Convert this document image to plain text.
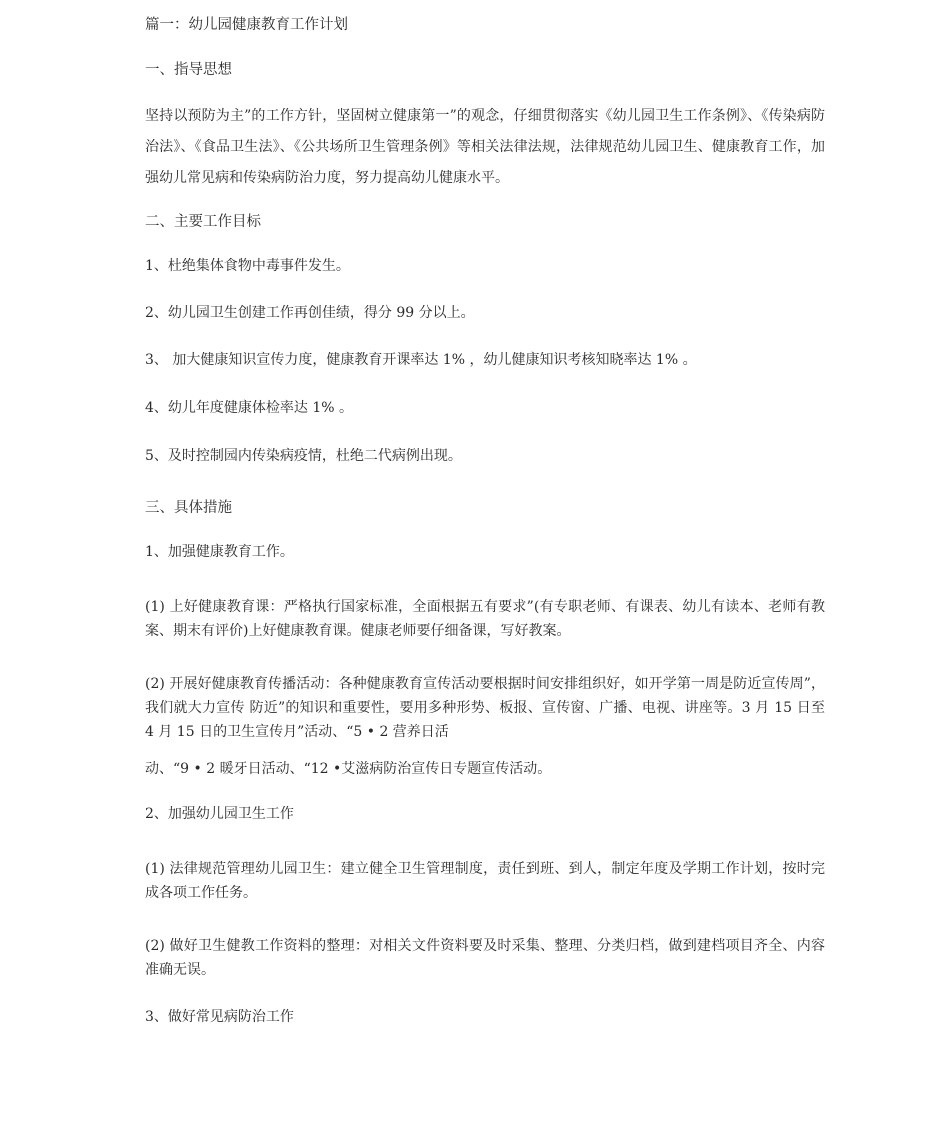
篇一：幼儿园健康教育工作计划

一、指导思想

坚持以预防为主”的工作方针，坚固树立健康第一”的观念，仔细贯彻落实《幼儿园卫生工作条例》、《传染病防治法》、《食品卫生法》、《公共场所卫生管理条例》等相关法律法规，法律规范幼儿园卫生、健康教育工作，加强幼儿常见病和传染病防治力度，努力提高幼儿健康水平。

二、主要工作目标

1、杜绝集体食物中毒事件发生。

2、幼儿园卫生创建工作再创佳绩，得分 99 分以上。

3、 加大健康知识宣传力度，健康教育开课率达 1% ，幼儿健康知识考核知晓率达 1% 。

4、幼儿年度健康体检率达 1% 。

5、及时控制园内传染病疫情，杜绝二代病例出现。

三、具体措施

1、加强健康教育工作。

(1) 上好健康教育课：严格执行国家标准，全面根据五有要求”(有专职老师、有课表、幼儿有读本、老师有教案、期末有评价)上好健康教育课。健康老师要仔细备课，写好教案。

(2) 开展好健康教育传播活动：各种健康教育宣传活动要根据时间安排组织好，如开学第一周是防近宣传周”，我们就大力宣传 防近”的知识和重要性，要用多种形势、板报、宣传窗、广播、电视、讲座等。3 月 15 日至 4 月 15 日的卫生宣传月”活动、“5 • 2 营养日活

动、“9 • 2 暖牙日活动、“12 •艾滋病防治宣传日专题宣传活动。

2、加强幼儿园卫生工作

(1) 法律规范管理幼儿园卫生：建立健全卫生管理制度，责任到班、到人，制定年度及学期工作计划，按时完成各项工作任务。

(2) 做好卫生健教工作资料的整理：对相关文件资料要及时采集、整理、分类归档，做到建档项目齐全、内容准确无误。

3、做好常见病防治工作
